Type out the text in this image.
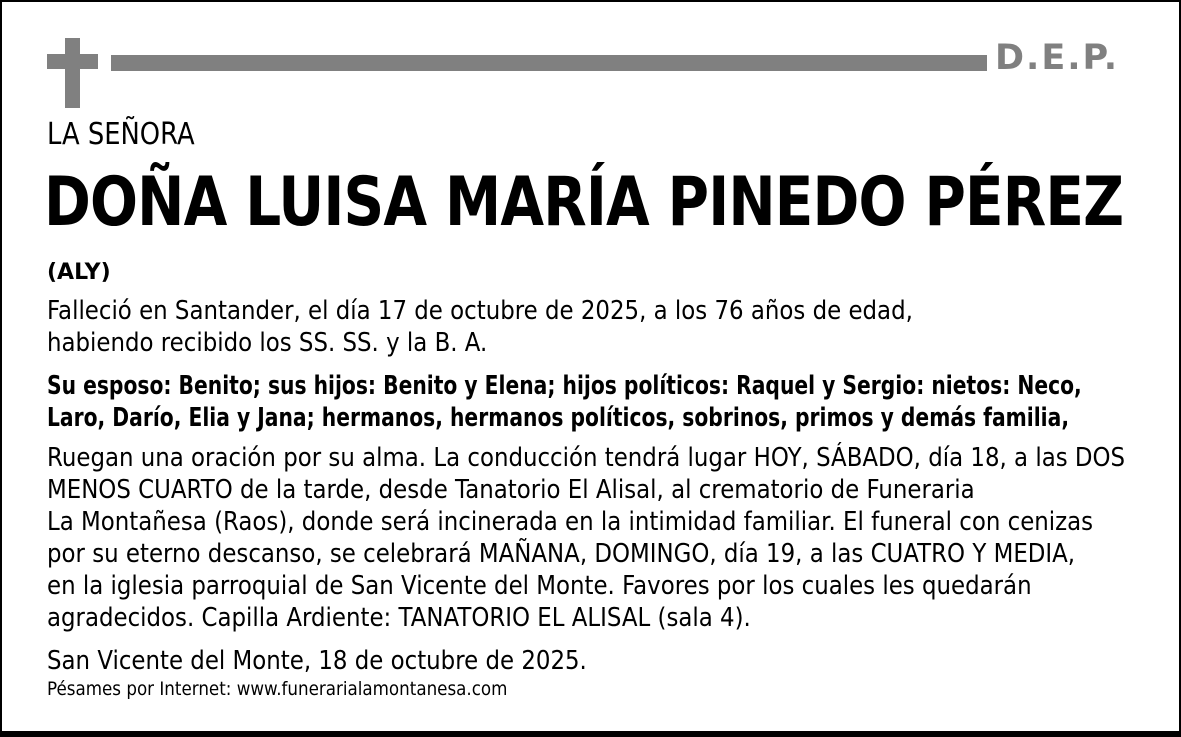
D.E.P.
LA SEÑORA
DOÑA LUISA MARÍA PINEDO PÉREZ
(ALY)
Falleció en Santander, el día 17 de octubre de 2025, a los 76 años de edad,
habiendo recibido los SS. SS. y la B. A.
Su esposo: Benito; sus hijos: Benito y Elena; hijos políticos: Raquel y Sergio: nietos: Neco,
Laro, Darío, Elia y Jana; hermanos, hermanos políticos, sobrinos, primos y demás familia,
Ruegan una oración por su alma. La conducción tendrá lugar HOY, SÁBADO, día 18, a las DOS
MENOS CUARTO de la tarde, desde Tanatorio El Alisal, al crematorio de Funeraria
La Montañesa (Raos), donde será incinerada en la intimidad familiar. El funeral con cenizas
por su eterno descanso, se celebrará MAÑANA, DOMINGO, día 19, a las CUATRO Y MEDIA,
en la iglesia parroquial de San Vicente del Monte. Favores por los cuales les quedarán
agradecidos. Capilla Ardiente: TANATORIO EL ALISAL (sala 4).
San Vicente del Monte, 18 de octubre de 2025.
Pésames por Internet: www.funerarialamontanesa.com
